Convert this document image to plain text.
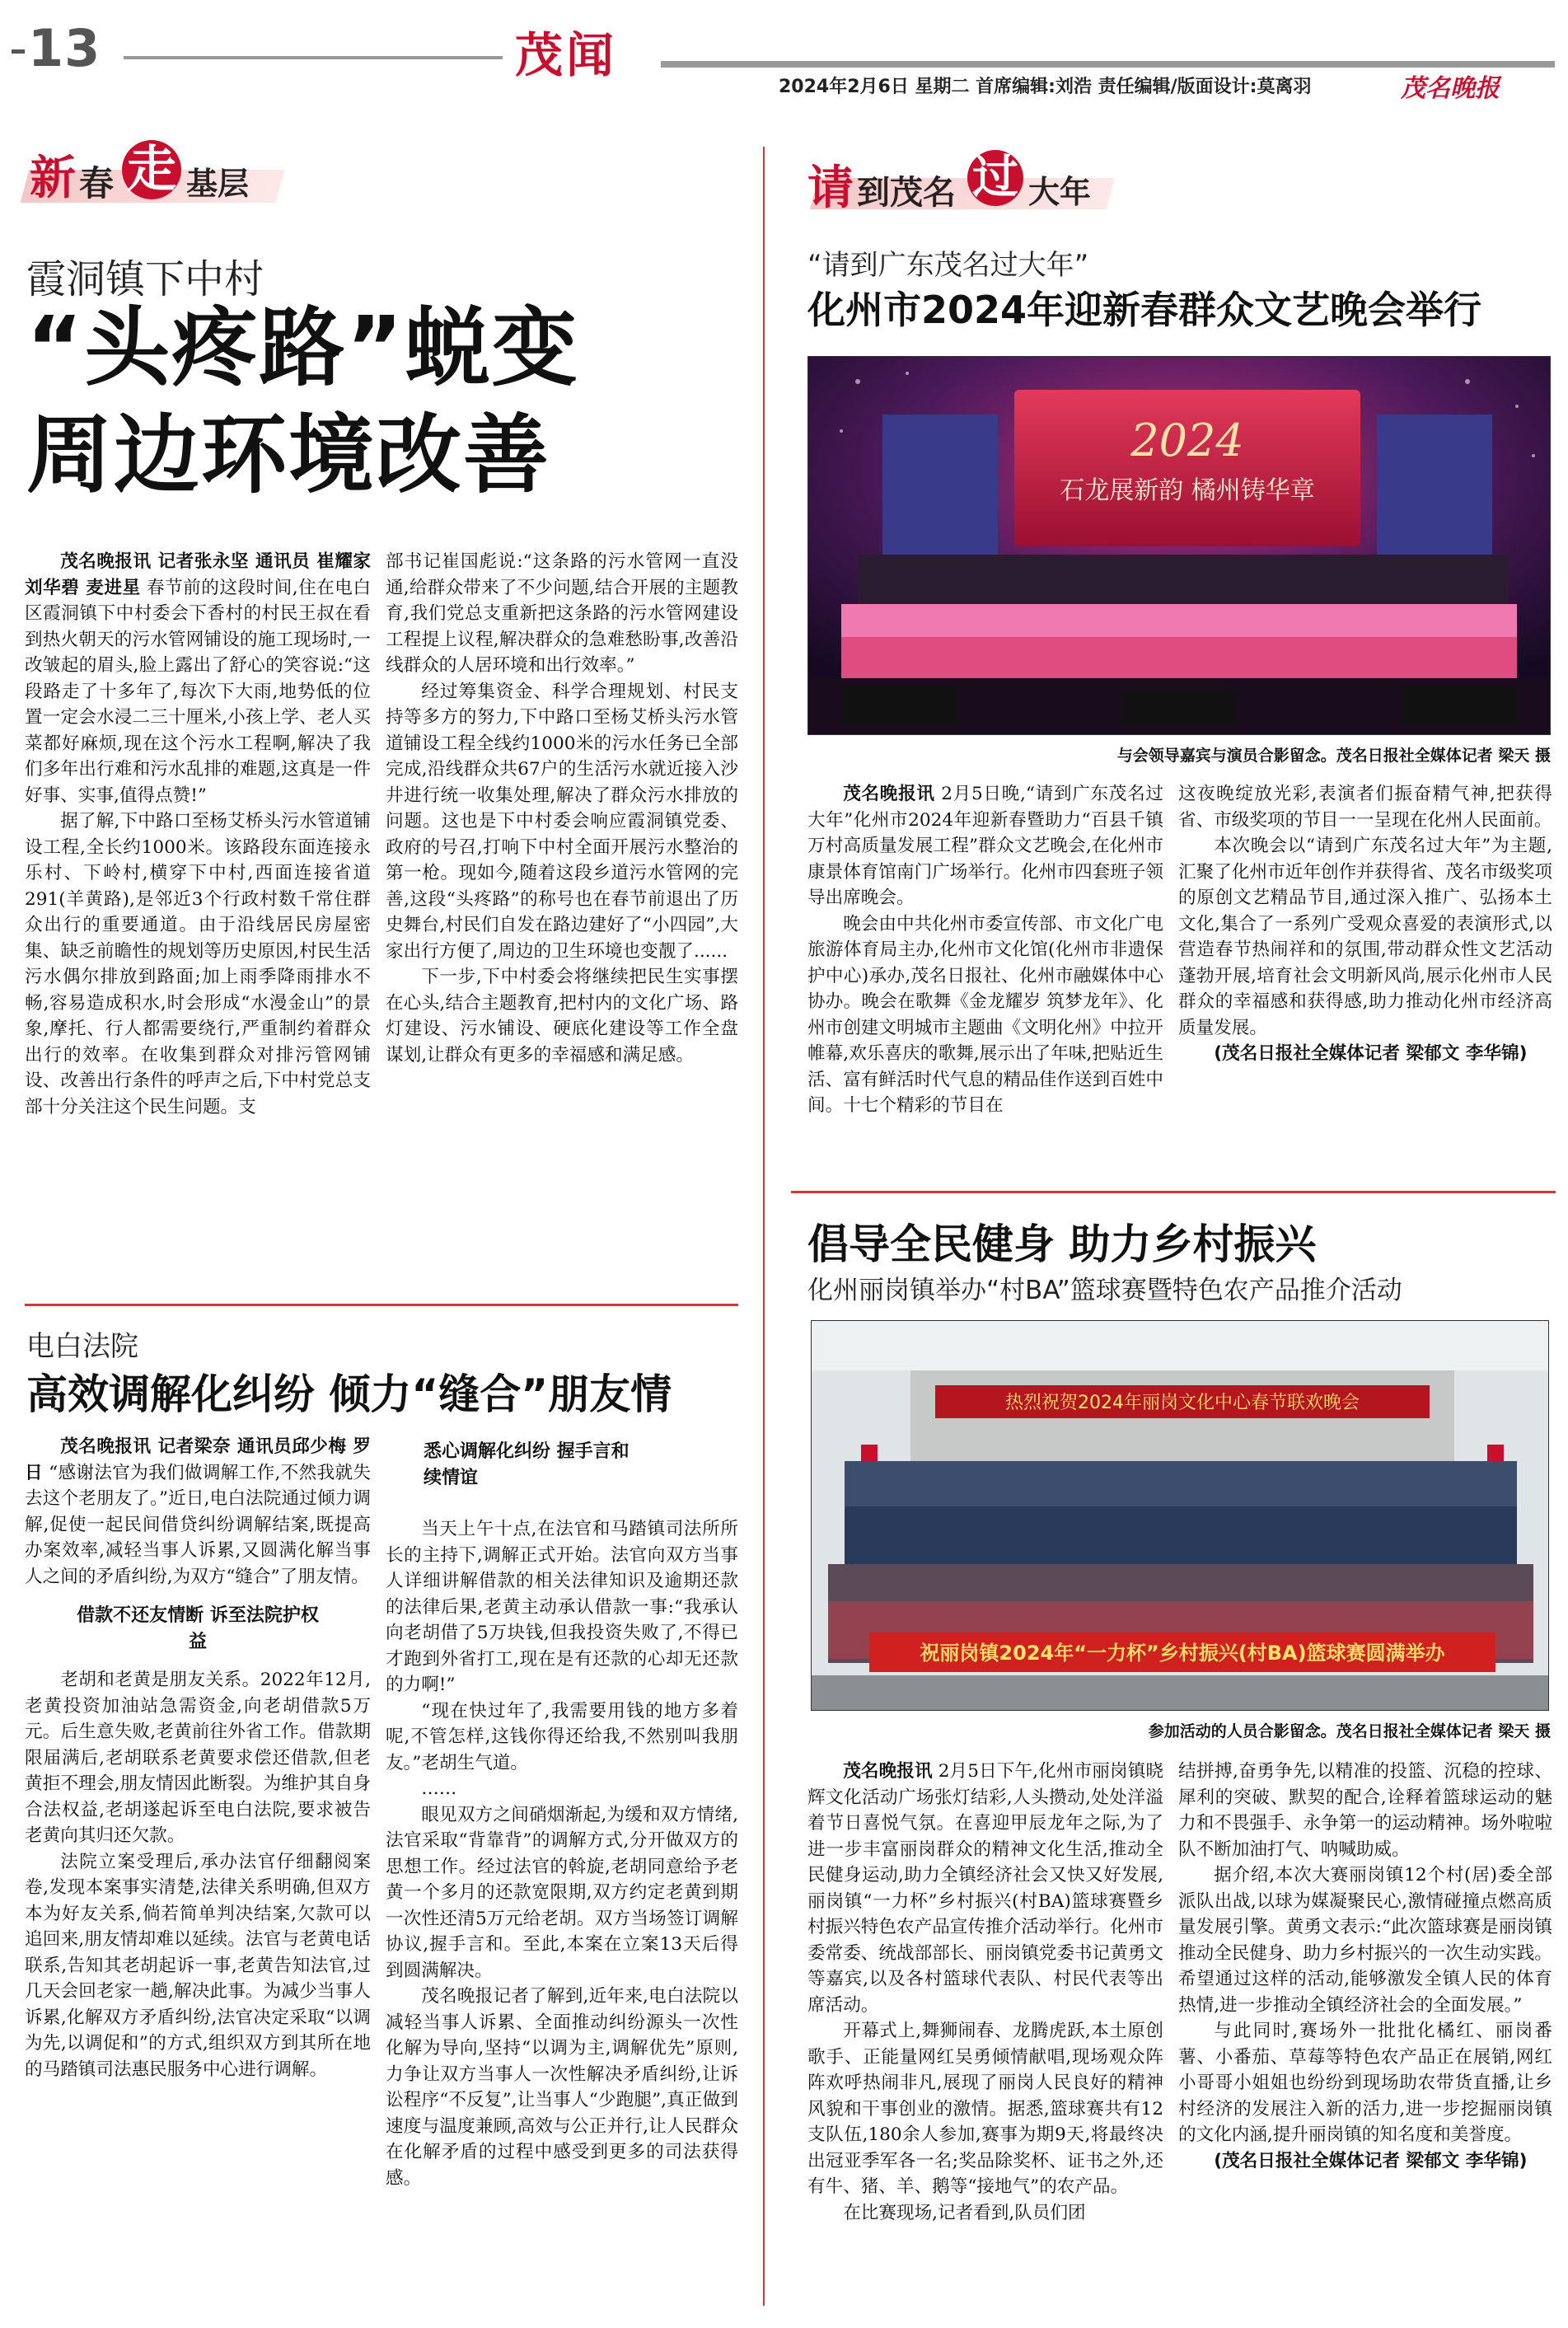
13	茂闻
2024年2月6日 星期二 首席编辑:刘浩 责任编辑/版面设计:莫离羽	茂名晚报
新 春 走 基层
霞洞镇下中村
“头疼路”蜕变
周边环境改善
茂名晚报讯 记者张永坚 通讯员 崔耀家 刘华碧 麦进星 春节前的这段时间,住在电白区霞洞镇下中村委会下香村的村民王叔在看到热火朝天的污水管网铺设的施工现场时,一改皱起的眉头,脸上露出了舒心的笑容说:“这段路走了十多年了,每次下大雨,地势低的位置一定会水浸二三十厘米,小孩上学、老人买菜都好麻烦,现在这个污水工程啊,解决了我们多年出行难和污水乱排的难题,这真是一件好事、实事,值得点赞!”
据了解,下中路口至杨艾桥头污水管道铺设工程,全长约1000米。该路段东面连接永乐村、下岭村,横穿下中村,西面连接省道291(羊黄路),是邻近3个行政村数千常住群众出行的重要通道。由于沿线居民房屋密集、缺乏前瞻性的规划等历史原因,村民生活污水偶尔排放到路面;加上雨季降雨排水不畅,容易造成积水,时会形成“水漫金山”的景象,摩托、行人都需要绕行,严重制约着群众出行的效率。在收集到群众对排污管网铺设、改善出行条件的呼声之后,下中村党总支部十分关注这个民生问题。支
部书记崔国彪说:“这条路的污水管网一直没通,给群众带来了不少问题,结合开展的主题教育,我们党总支重新把这条路的污水管网建设工程提上议程,解决群众的急难愁盼事,改善沿线群众的人居环境和出行效率。”
经过筹集资金、科学合理规划、村民支持等多方的努力,下中路口至杨艾桥头污水管道铺设工程全线约1000米的污水任务已全部完成,沿线群众共67户的生活污水就近接入沙井进行统一收集处理,解决了群众污水排放的问题。这也是下中村委会响应霞洞镇党委、政府的号召,打响下中村全面开展污水整治的第一枪。现如今,随着这段乡道污水管网的完善,这段“头疼路”的称号也在春节前退出了历史舞台,村民们自发在路边建好了“小四园”,大家出行方便了,周边的卫生环境也变靓了......
下一步,下中村委会将继续把民生实事摆在心头,结合主题教育,把村内的文化广场、路灯建设、污水铺设、硬底化建设等工作全盘谋划,让群众有更多的幸福感和满足感。
电白法院
高效调解化纠纷 倾力“缝合”朋友情
茂名晚报讯 记者梁奈 通讯员邱少梅 罗日 “感谢法官为我们做调解工作,不然我就失去这个老朋友了。”近日,电白法院通过倾力调解,促使一起民间借贷纠纷调解结案,既提高办案效率,减轻当事人诉累,又圆满化解当事人之间的矛盾纠纷,为双方“缝合”了朋友情。
借款不还友情断 诉至法院护权益
老胡和老黄是朋友关系。2022年12月,老黄投资加油站急需资金,向老胡借款5万元。后生意失败,老黄前往外省工作。借款期限届满后,老胡联系老黄要求偿还借款,但老黄拒不理会,朋友情因此断裂。为维护其自身合法权益,老胡遂起诉至电白法院,要求被告老黄向其归还欠款。
法院立案受理后,承办法官仔细翻阅案卷,发现本案事实清楚,法律关系明确,但双方本为好友关系,倘若简单判决结案,欠款可以追回来,朋友情却难以延续。法官与老黄电话联系,告知其老胡起诉一事,老黄告知法官,过几天会回老家一趟,解决此事。为减少当事人诉累,化解双方矛盾纠纷,法官决定采取“以调为先,以调促和”的方式,组织双方到其所在地的马踏镇司法惠民服务中心进行调解。
悉心调解化纠纷 握手言和续情谊
当天上午十点,在法官和马踏镇司法所所长的主持下,调解正式开始。法官向双方当事人详细讲解借款的相关法律知识及逾期还款的法律后果,老黄主动承认借款一事:“我承认向老胡借了5万块钱,但我投资失败了,不得已才跑到外省打工,现在是有还款的心却无还款的力啊!”
“现在快过年了,我需要用钱的地方多着呢,不管怎样,这钱你得还给我,不然别叫我朋友。”老胡生气道。
……
眼见双方之间硝烟渐起,为缓和双方情绪,法官采取“背靠背”的调解方式,分开做双方的思想工作。经过法官的斡旋,老胡同意给予老黄一个多月的还款宽限期,双方约定老黄到期一次性还清5万元给老胡。双方当场签订调解协议,握手言和。至此,本案在立案13天后得到圆满解决。
茂名晚报记者了解到,近年来,电白法院以减轻当事人诉累、全面推动纠纷源头一次性化解为导向,坚持“以调为主,调解优先”原则,力争让双方当事人一次性解决矛盾纠纷,让诉讼程序“不反复”,让当事人“少跑腿”,真正做到速度与温度兼顾,高效与公正并行,让人民群众在化解矛盾的过程中感受到更多的司法获得感。
请 到茂名 过 大年
“请到广东茂名过大年”
化州市2024年迎新春群众文艺晚会举行
2024
石龙展新韵 橘州铸华章
与会领导嘉宾与演员合影留念。茂名日报社全媒体记者 梁天 摄
茂名晚报讯 2月5日晚,“请到广东茂名过大年”化州市2024年迎新春暨助力“百县千镇万村高质量发展工程”群众文艺晚会,在化州市康景体育馆南门广场举行。化州市四套班子领导出席晚会。
晚会由中共化州市委宣传部、市文化广电旅游体育局主办,化州市文化馆(化州市非遗保护中心)承办,茂名日报社、化州市融媒体中心协办。晚会在歌舞《金龙耀岁 筑梦龙年》、化州市创建文明城市主题曲《文明化州》中拉开帷幕,欢乐喜庆的歌舞,展示出了年味,把贴近生活、富有鲜活时代气息的精品佳作送到百姓中间。十七个精彩的节目在
这夜晚绽放光彩,表演者们振奋精气神,把获得省、市级奖项的节目一一呈现在化州人民面前。
本次晚会以“请到广东茂名过大年”为主题,汇聚了化州市近年创作并获得省、茂名市级奖项的原创文艺精品节目,通过深入推广、弘扬本土文化,集合了一系列广受观众喜爱的表演形式,以营造春节热闹祥和的氛围,带动群众性文艺活动蓬勃开展,培育社会文明新风尚,展示化州市人民群众的幸福感和获得感,助力推动化州市经济高质量发展。
(茂名日报社全媒体记者 梁郁文 李华锦)
倡导全民健身 助力乡村振兴
化州丽岗镇举办“村BA”篮球赛暨特色农产品推介活动
热烈祝贺2024年丽岗文化中心春节联欢晚会
祝丽岗镇2024年“一力杯”乡村振兴(村BA)篮球赛圆满举办
参加活动的人员合影留念。茂名日报社全媒体记者 梁天 摄
茂名晚报讯 2月5日下午,化州市丽岗镇晓辉文化活动广场张灯结彩,人头攒动,处处洋溢着节日喜悦气氛。在喜迎甲辰龙年之际,为了进一步丰富丽岗群众的精神文化生活,推动全民健身运动,助力全镇经济社会又快又好发展,丽岗镇“一力杯”乡村振兴(村BA)篮球赛暨乡村振兴特色农产品宣传推介活动举行。化州市委常委、统战部部长、丽岗镇党委书记黄勇文等嘉宾,以及各村篮球代表队、村民代表等出席活动。
开幕式上,舞狮闹春、龙腾虎跃,本土原创歌手、正能量网红吴勇倾情献唱,现场观众阵阵欢呼热闹非凡,展现了丽岗人民良好的精神风貌和干事创业的激情。据悉,篮球赛共有12支队伍,180余人参加,赛事为期9天,将最终决出冠亚季军各一名;奖品除奖杯、证书之外,还有牛、猪、羊、鹅等“接地气”的农产品。
在比赛现场,记者看到,队员们团
结拼搏,奋勇争先,以精准的投篮、沉稳的控球、犀利的突破、默契的配合,诠释着篮球运动的魅力和不畏强手、永争第一的运动精神。场外啦啦队不断加油打气、呐喊助威。
据介绍,本次大赛丽岗镇12个村(居)委全部派队出战,以球为媒凝聚民心,激情碰撞点燃高质量发展引擎。黄勇文表示:“此次篮球赛是丽岗镇推动全民健身、助力乡村振兴的一次生动实践。希望通过这样的活动,能够激发全镇人民的体育热情,进一步推动全镇经济社会的全面发展。”
与此同时,赛场外一批批化橘红、丽岗番薯、小番茄、草莓等特色农产品正在展销,网红小哥哥小姐姐也纷纷到现场助农带货直播,让乡村经济的发展注入新的活力,进一步挖掘丽岗镇的文化内涵,提升丽岗镇的知名度和美誉度。
(茂名日报社全媒体记者 梁郁文 李华锦)
